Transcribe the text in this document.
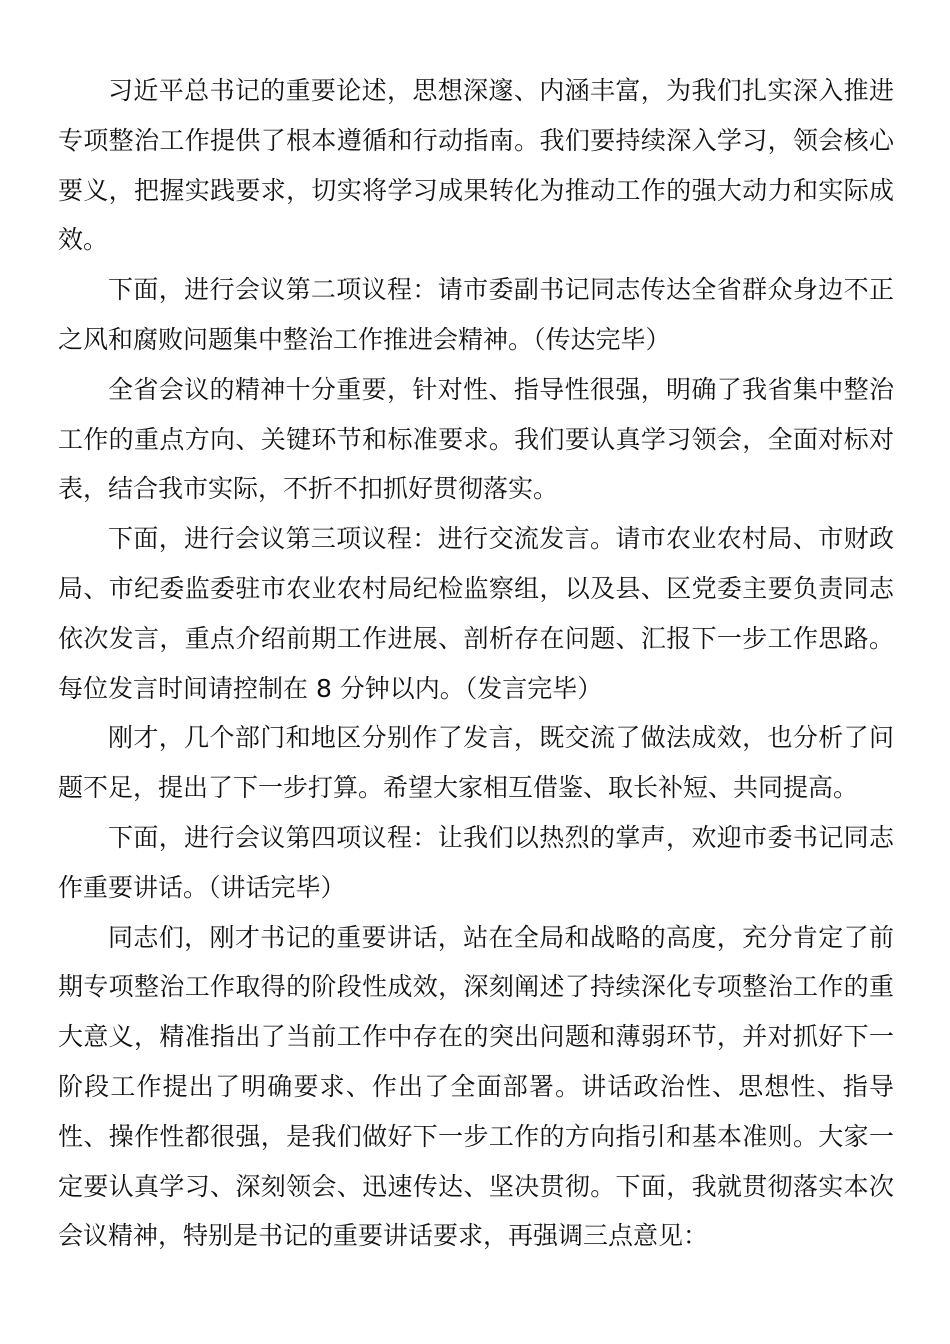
习近平总书记的重要论述，思想深邃、内涵丰富，为我们扎实深入推进专项整治工作提供了根本遵循和行动指南。我们要持续深入学习，领会核心要义，把握实践要求，切实将学习成果转化为推动工作的强大动力和实际成效。

下面，进行会议第二项议程：请市委副书记同志传达全省群众身边不正之风和腐败问题集中整治工作推进会精神。（传达完毕）

全省会议的精神十分重要，针对性、指导性很强，明确了我省集中整治工作的重点方向、关键环节和标准要求。我们要认真学习领会，全面对标对表，结合我市实际，不折不扣抓好贯彻落实。

下面，进行会议第三项议程：进行交流发言。请市农业农村局、市财政局、市纪委监委驻市农业农村局纪检监察组，以及县、区党委主要负责同志依次发言，重点介绍前期工作进展、剖析存在问题、汇报下一步工作思路。每位发言时间请控制在 8 分钟以内。（发言完毕）

刚才，几个部门和地区分别作了发言，既交流了做法成效，也分析了问题不足，提出了下一步打算。希望大家相互借鉴、取长补短、共同提高。

下面，进行会议第四项议程：让我们以热烈的掌声，欢迎市委书记同志作重要讲话。（讲话完毕）

同志们，刚才书记的重要讲话，站在全局和战略的高度，充分肯定了前期专项整治工作取得的阶段性成效，深刻阐述了持续深化专项整治工作的重大意义，精准指出了当前工作中存在的突出问题和薄弱环节，并对抓好下一阶段工作提出了明确要求、作出了全面部署。讲话政治性、思想性、指导性、操作性都很强，是我们做好下一步工作的方向指引和基本准则。大家一定要认真学习、深刻领会、迅速传达、坚决贯彻。下面，我就贯彻落实本次会议精神，特别是书记的重要讲话要求，再强调三点意见：
